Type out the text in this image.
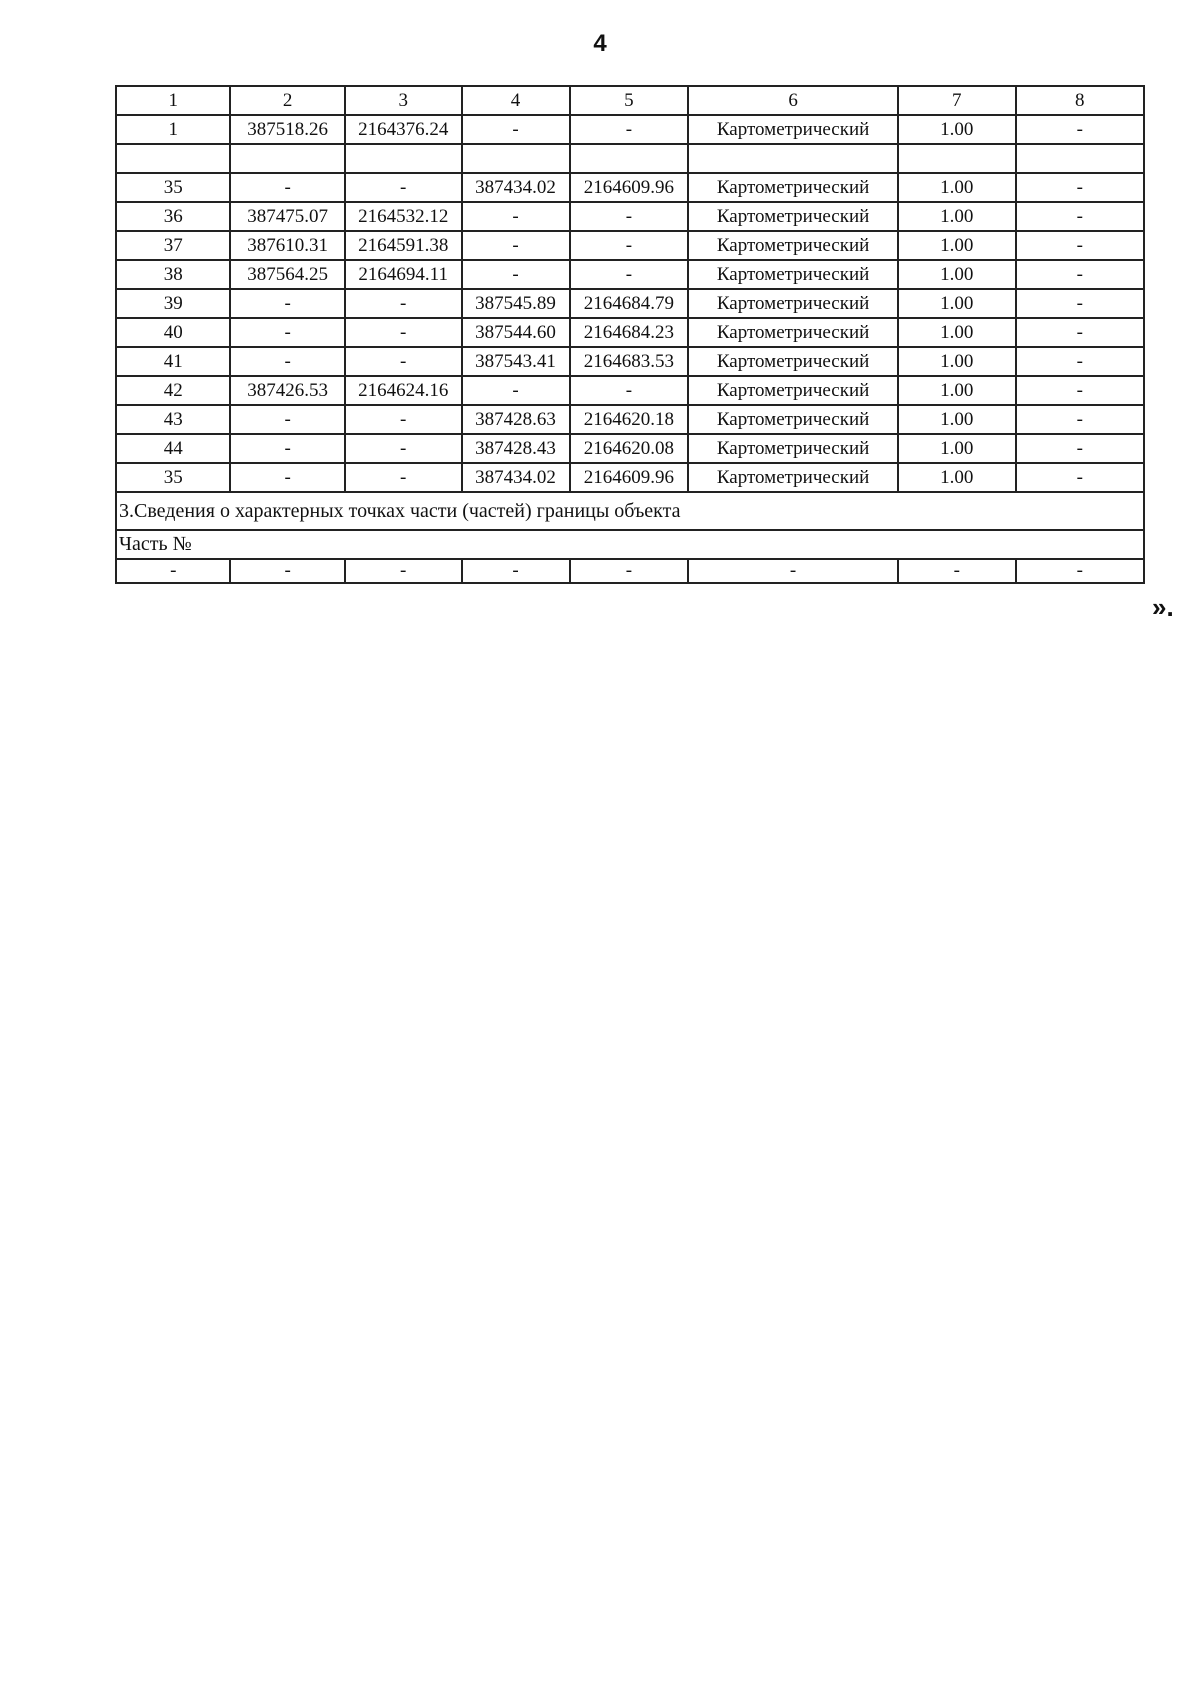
4
1	2	3	4	5	6	7	8
1	387518.26	2164376.24	-	-	Картометрический	1.00	-

35	-	-	387434.02	2164609.96	Картометрический	1.00	-
36	387475.07	2164532.12	-	-	Картометрический	1.00	-
37	387610.31	2164591.38	-	-	Картометрический	1.00	-
38	387564.25	2164694.11	-	-	Картометрический	1.00	-
39	-	-	387545.89	2164684.79	Картометрический	1.00	-
40	-	-	387544.60	2164684.23	Картометрический	1.00	-
41	-	-	387543.41	2164683.53	Картометрический	1.00	-
42	387426.53	2164624.16	-	-	Картометрический	1.00	-
43	-	-	387428.63	2164620.18	Картометрический	1.00	-
44	-	-	387428.43	2164620.08	Картометрический	1.00	-
35	-	-	387434.02	2164609.96	Картометрический	1.00	-
3.Сведения о характерных точках части (частей) границы объекта							
Часть №							
-	-	-	-	-	-	-	-
».
